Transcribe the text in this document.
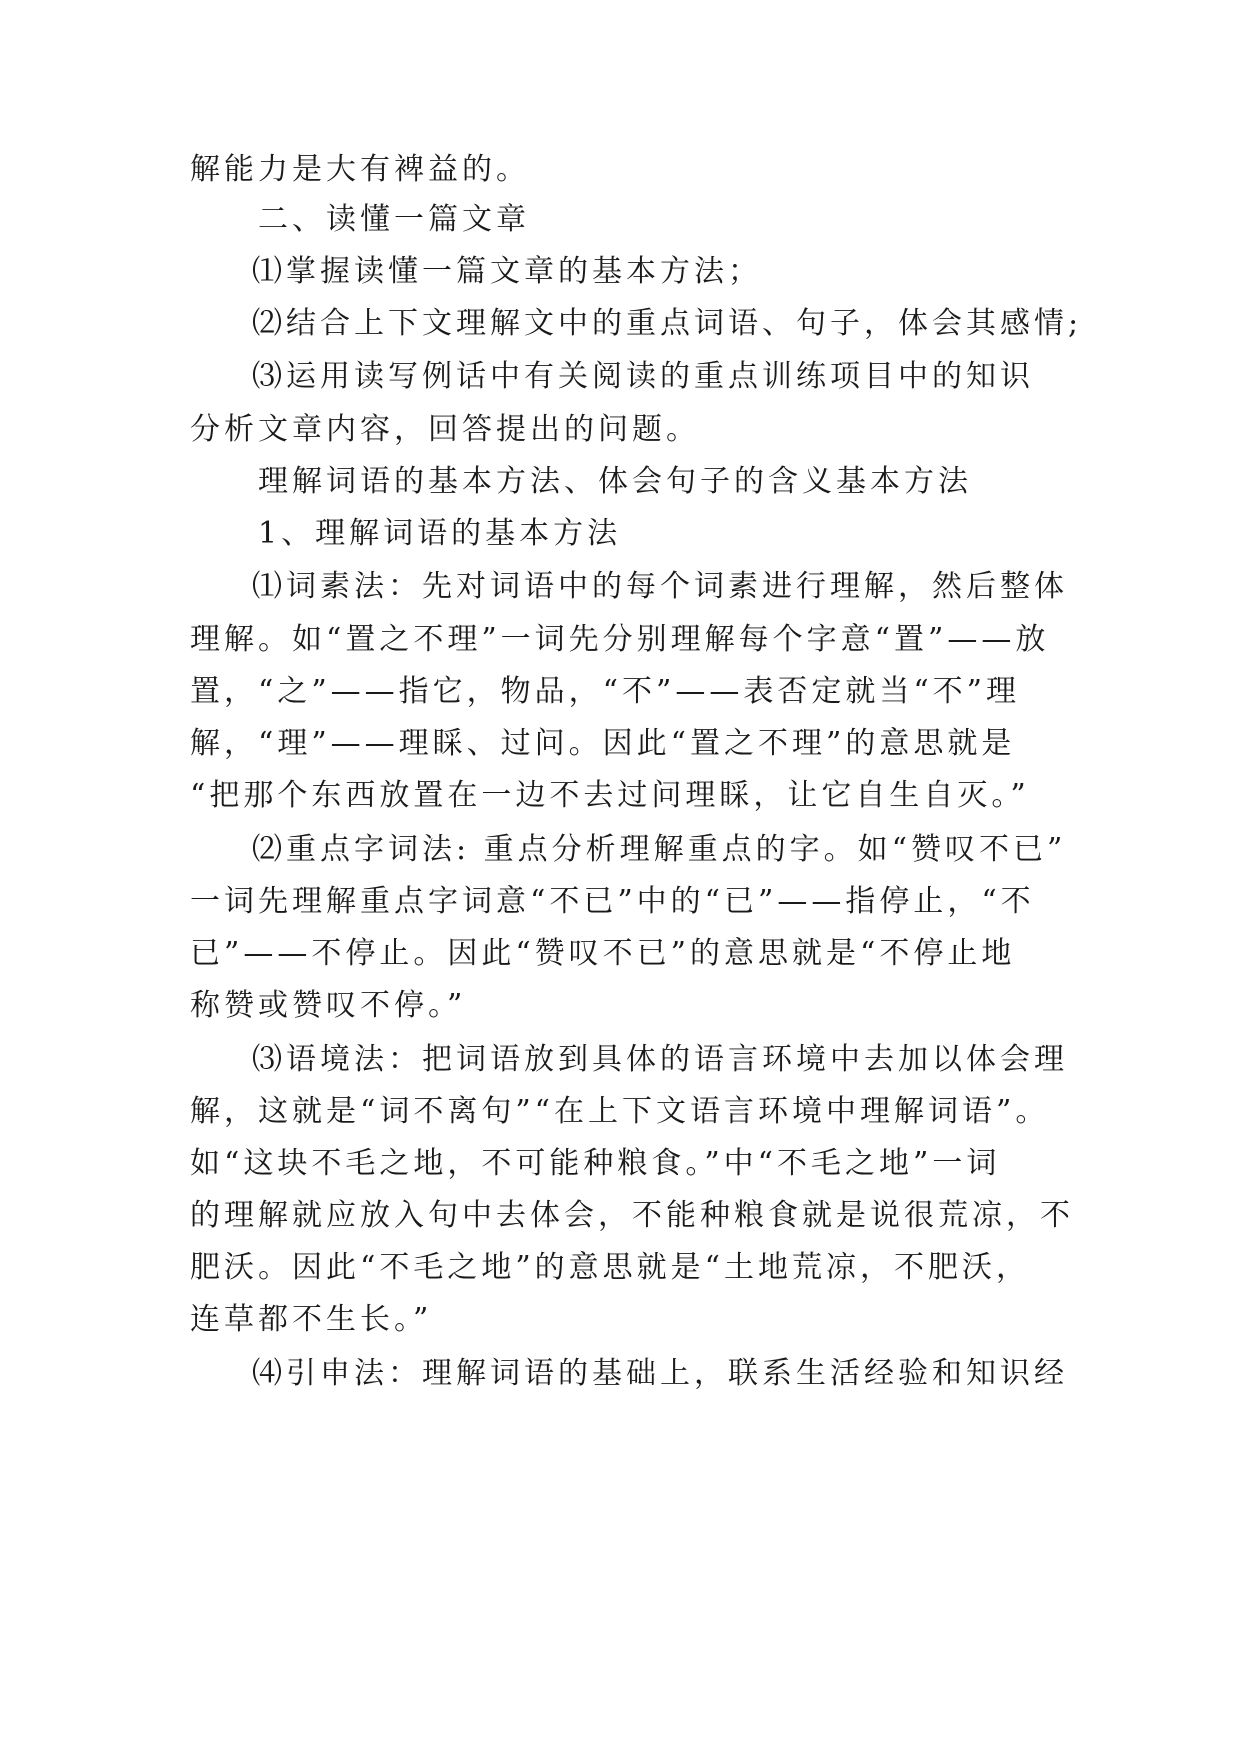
解能力是大有裨益的。
二、读懂一篇文章
⑴掌握读懂一篇文章的基本方法；
⑵结合上下文理解文中的重点词语、句子，体会其感情;
⑶运用读写例话中有关阅读的重点训练项目中的知识
分析文章内容，回答提出的问题。
理解词语的基本方法、体会句子的含义基本方法
1、理解词语的基本方法
⑴词素法：先对词语中的每个词素进行理解，然后整体
理解。如“置之不理”一词先分别理解每个字意“置”——放
置，“之”——指它，物品，“不”——表否定就当“不”理
解，“理”——理睬、过问。因此“置之不理”的意思就是
“把那个东西放置在一边不去过问理睬，让它自生自灭。”
⑵重点字词法: 重点分析理解重点的字。如“赞叹不已”
一词先理解重点字词意“不已”中的“已”——指停止，“不
已”——不停止。因此“赞叹不已”的意思就是“不停止地
称赞或赞叹不停。”
⑶语境法：把词语放到具体的语言环境中去加以体会理
解，这就是“词不离句”“在上下文语言环境中理解词语”。
如“这块不毛之地，不可能种粮食。”中“不毛之地”一词
的理解就应放入句中去体会，不能种粮食就是说很荒凉，不
肥沃。因此“不毛之地”的意思就是“土地荒凉，不肥沃，
连草都不生长。”
⑷引申法：理解词语的基础上，联系生活经验和知识经
